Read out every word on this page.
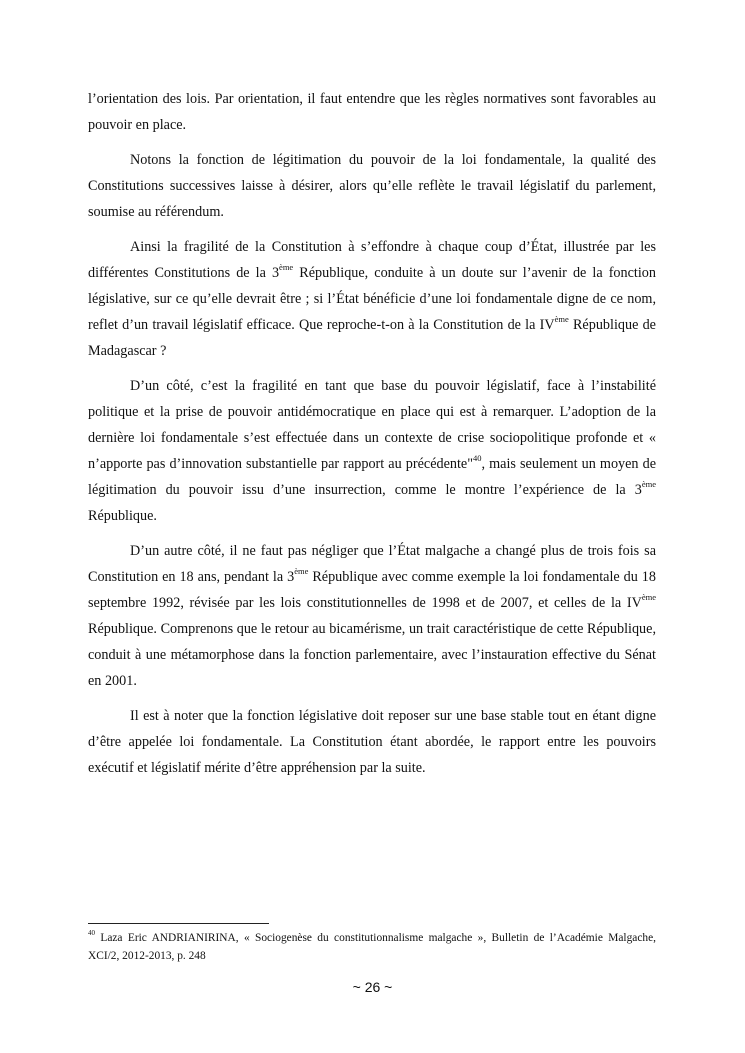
l’orientation des lois. Par orientation, il faut entendre que les règles normatives sont favorables au pouvoir en place.

Notons la fonction de légitimation du pouvoir de la loi fondamentale, la qualité des Constitutions successives laisse à désirer, alors qu’elle reflète le travail législatif du parlement, soumise au référendum.

Ainsi la fragilité de la Constitution à s’effondre à chaque coup d’État, illustrée par les différentes Constitutions de la 3ème République, conduite à un doute sur l’avenir de la fonction législative, sur ce qu’elle devrait être ; si l’État bénéficie d’une loi fondamentale digne de ce nom, reflet d’un travail législatif efficace. Que reproche-t-on à la Constitution de la IVème République de Madagascar ?

D’un côté, c’est la fragilité en tant que base du pouvoir législatif, face à l’instabilité politique et la prise de pouvoir antidémocratique en place qui est à remarquer. L’adoption de la dernière loi fondamentale s’est effectuée dans un contexte de crise sociopolitique profonde et « n’apporte pas d’innovation substantielle par rapport au précédente"$^{40}$, mais seulement un moyen de légitimation du pouvoir issu d’une insurrection, comme le montre l’expérience de la 3ème République.

D’un autre côté, il ne faut pas négliger que l’État malgache a changé plus de trois fois sa Constitution en 18 ans, pendant la 3ème République avec comme exemple la loi fondamentale du 18 septembre 1992, révisée par les lois constitutionnelles de 1998 et de 2007, et celles de la IVème République. Comprenons que le retour au bicamérisme, un trait caractéristique de cette République, conduit à une métamorphose dans la fonction parlementaire, avec l’instauration effective du Sénat en 2001.

Il est à noter que la fonction législative doit reposer sur une base stable tout en étant digne d’être appelée loi fondamentale. La Constitution étant abordée, le rapport entre les pouvoirs exécutif et législatif mérite d’être appréhension par la suite.

$^{40}$ Laza Eric ANDRIANIRINA, « Sociogenèse du constitutionnalisme malgache », Bulletin de l’Académie Malgache, XCI/2, 2012-2013, p. 248
~ 26 ~
